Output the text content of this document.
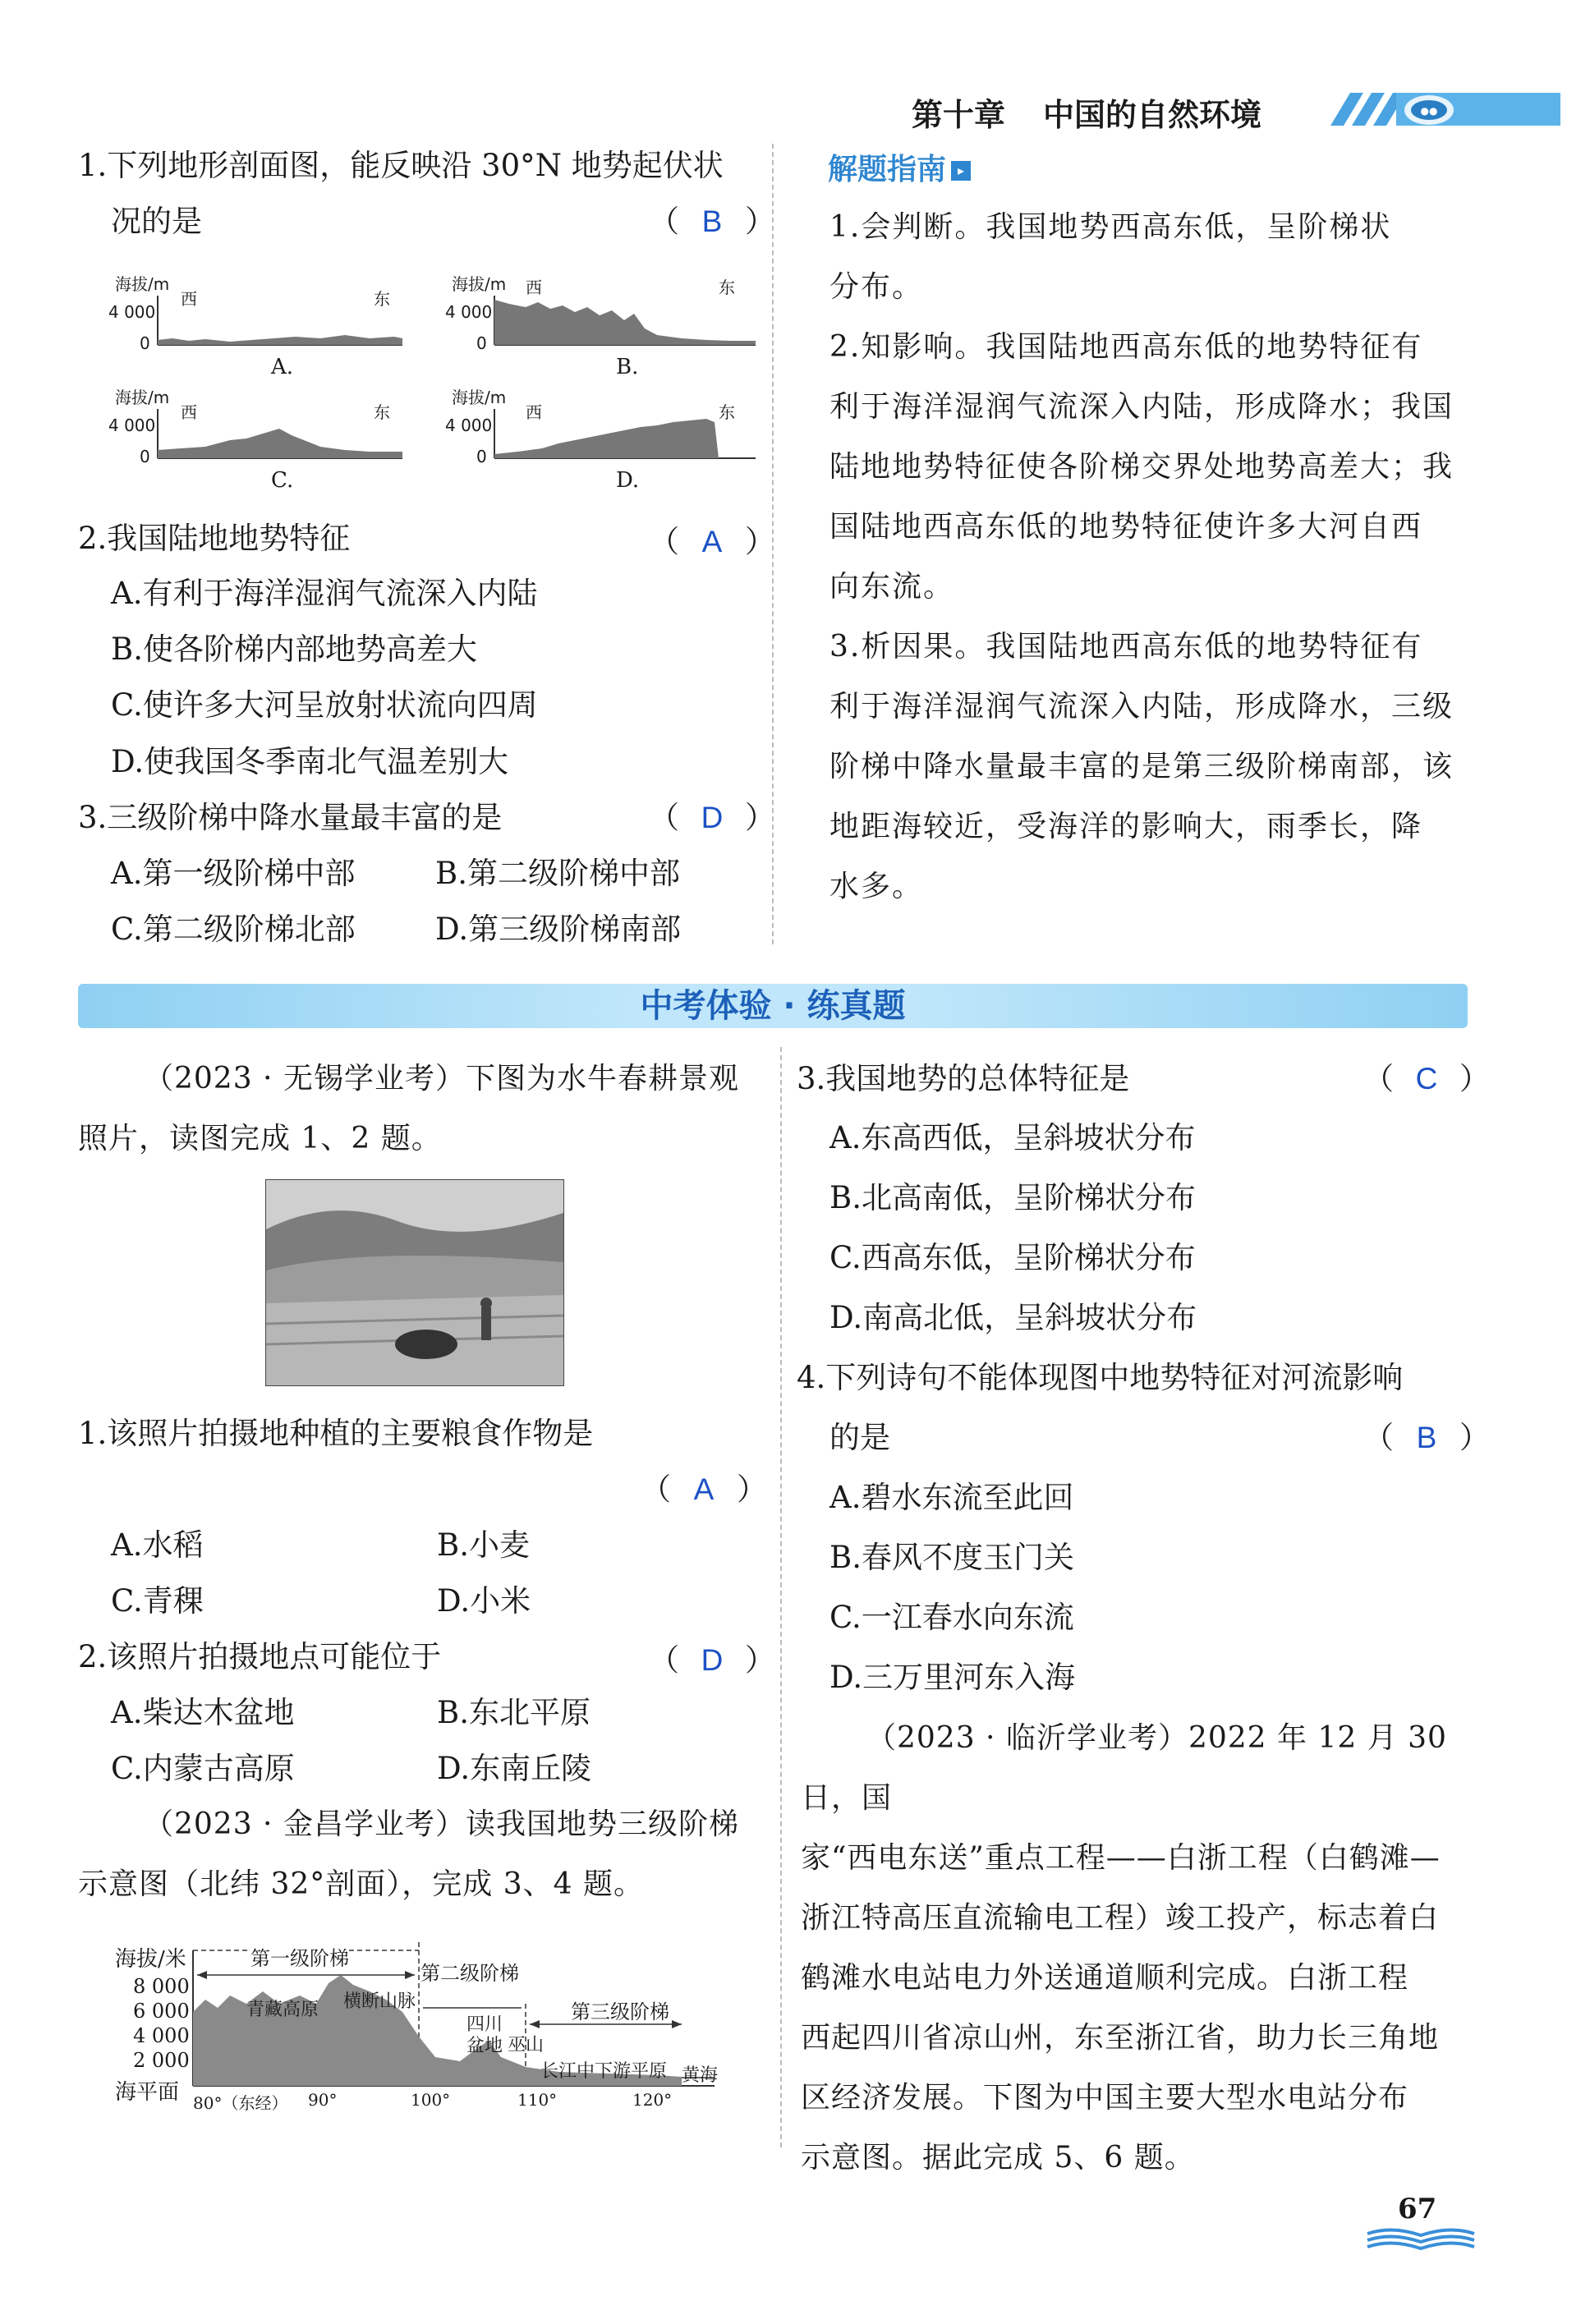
第十章 中国的自然环境	●●
1.下列地形剖面图，能反映沿 30°N 地势起伏状
况的是	（ B ）
海拔/m
4 000
0
西	东
A.
海拔/m
4 000
0
西	东
B.
海拔/m
4 000
0
西	东
C.
海拔/m
4 000
0
西	东
D.
2.我国陆地地势特征	（ A ）
A.有利于海洋湿润气流深入内陆
B.使各阶梯内部地势高差大
C.使许多大河呈放射状流向四周
D.使我国冬季南北气温差别大
3.三级阶梯中降水量最丰富的是	（ D ）
A.第一级阶梯中部	B.第二级阶梯中部
C.第二级阶梯北部	D.第三级阶梯南部
解题指南 ▸

1.会判断。我国地势西高东低，呈阶梯状

分布。

2.知影响。我国陆地西高东低的地势特征有

利于海洋湿润气流深入内陆，形成降水；我国

陆地地势特征使各阶梯交界处地势高差大；我

国陆地西高东低的地势特征使许多大河自西

向东流。

3.析因果。我国陆地西高东低的地势特征有

利于海洋湿润气流深入内陆，形成降水，三级

阶梯中降水量最丰富的是第三级阶梯南部，该

地距海较近，受海洋的影响大，雨季长，降

水多。

中考体验 · 练真题

（2023 · 无锡学业考）下图为水牛春耕景观

照片，读图完成 1、2 题。

1.该照片拍摄地种植的主要粮食作物是
（ A ）
A.水稻	B.小麦
C.青稞	D.小米
2.该照片拍摄地点可能位于	（ D ）
A.柴达木盆地	B.东北平原
C.内蒙古高原	D.东南丘陵

（2023 · 金昌学业考）读我国地势三级阶梯

示意图（北纬 32°剖面），完成 3、4 题。

海拔/米
8 000
6 000
4 000
2 000
海平面
第一级阶梯
第二级阶梯
第三级阶梯
青藏高原 横断山脉
四川盆地 巫山
长江中下游平原 黄海
80°（东经） 90°	100°	110°	120°
3.我国地势的总体特征是	（ C ）
A.东高西低，呈斜坡状分布
B.北高南低，呈阶梯状分布
C.西高东低，呈阶梯状分布
D.南高北低，呈斜坡状分布
4.下列诗句不能体现图中地势特征对河流影响
的是	（ B ）
A.碧水东流至此回
B.春风不度玉门关
C.一江春水向东流
D.三万里河东入海

（2023 · 临沂学业考）2022 年 12 月 30 日，国

家“西电东送”重点工程——白浙工程（白鹤滩—

浙江特高压直流输电工程）竣工投产，标志着白

鹤滩水电站电力外送通道顺利完成。白浙工程

西起四川省凉山州，东至浙江省，助力长三角地

区经济发展。下图为中国主要大型水电站分布

示意图。据此完成 5、6 题。

67
